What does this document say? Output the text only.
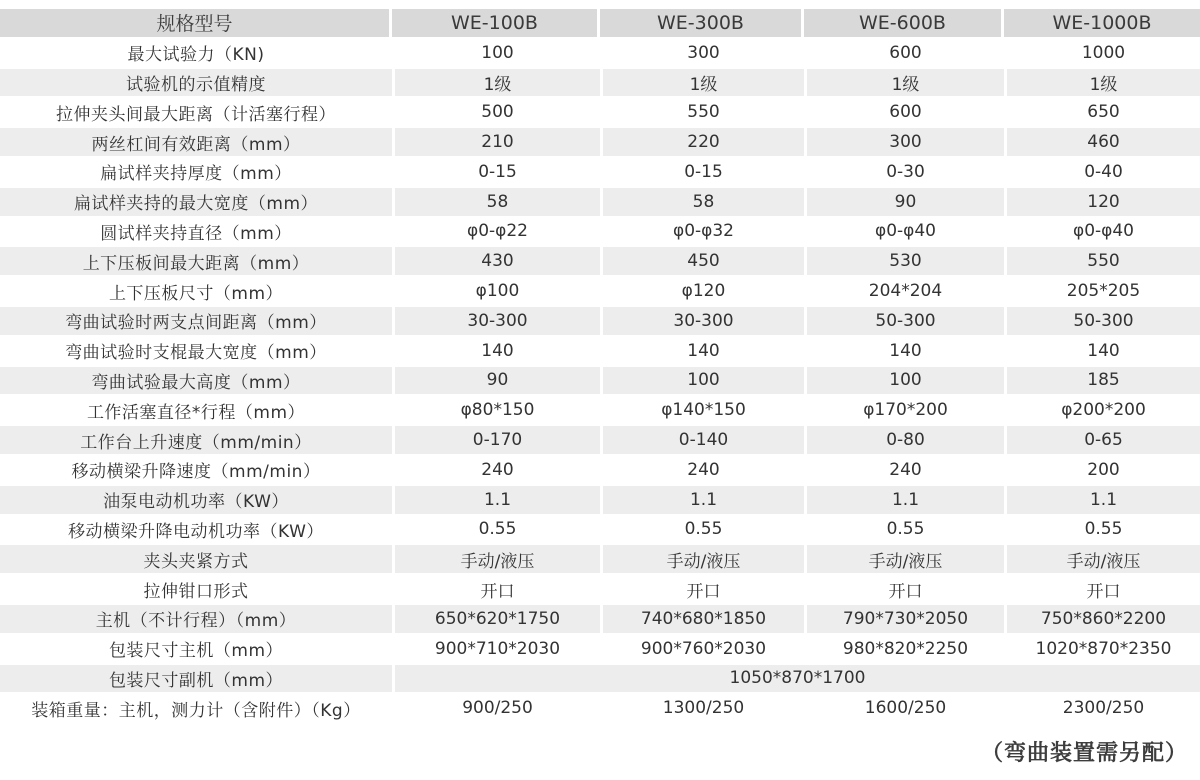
规格型号	WE-100B	WE-300B	WE-600B	WE-1000B
最大试验力（KN)	100	300	600	1000
试验机的示值精度	1级	1级	1级	1级
拉伸夹头间最大距离（计活塞行程）	500	550	600	650
两丝杠间有效距离（mm）	210	220	300	460
扁试样夹持厚度（mm）	0-15	0-15	0-30	0-40
扁试样夹持的最大宽度（mm）	58	58	90	120
圆试样夹持直径（mm）	φ0-φ22	φ0-φ32	φ0-φ40	φ0-φ40
上下压板间最大距离（mm）	430	450	530	550
上下压板尺寸（mm）	φ100	φ120	204*204	205*205
弯曲试验时两支点间距离（mm）	30-300	30-300	50-300	50-300
弯曲试验时支棍最大宽度（mm）	140	140	140	140
弯曲试验最大高度（mm）	90	100	100	185
工作活塞直径*行程（mm）	φ80*150	φ140*150	φ170*200	φ200*200
工作台上升速度（mm/min）	0-170	0-140	0-80	0-65
移动横梁升降速度（mm/min）	240	240	240	200
油泵电动机功率（KW）	1.1	1.1	1.1	1.1
移动横梁升降电动机功率（KW）	0.55	0.55	0.55	0.55
夹头夹紧方式	手动/液压	手动/液压	手动/液压	手动/液压
拉伸钳口形式	开口	开口	开口	开口
主机（不计行程）（mm）	650*620*1750	740*680*1850	790*730*2050	750*860*2200
包装尺寸主机（mm）	900*710*2030	900*760*2030	980*820*2250	1020*870*2350
包装尺寸副机（mm）	1050*870*1700			
装箱重量：主机，测力计（含附件）（Kg）	900/250	1300/250	1600/250	2300/250
（弯曲装置需另配）
